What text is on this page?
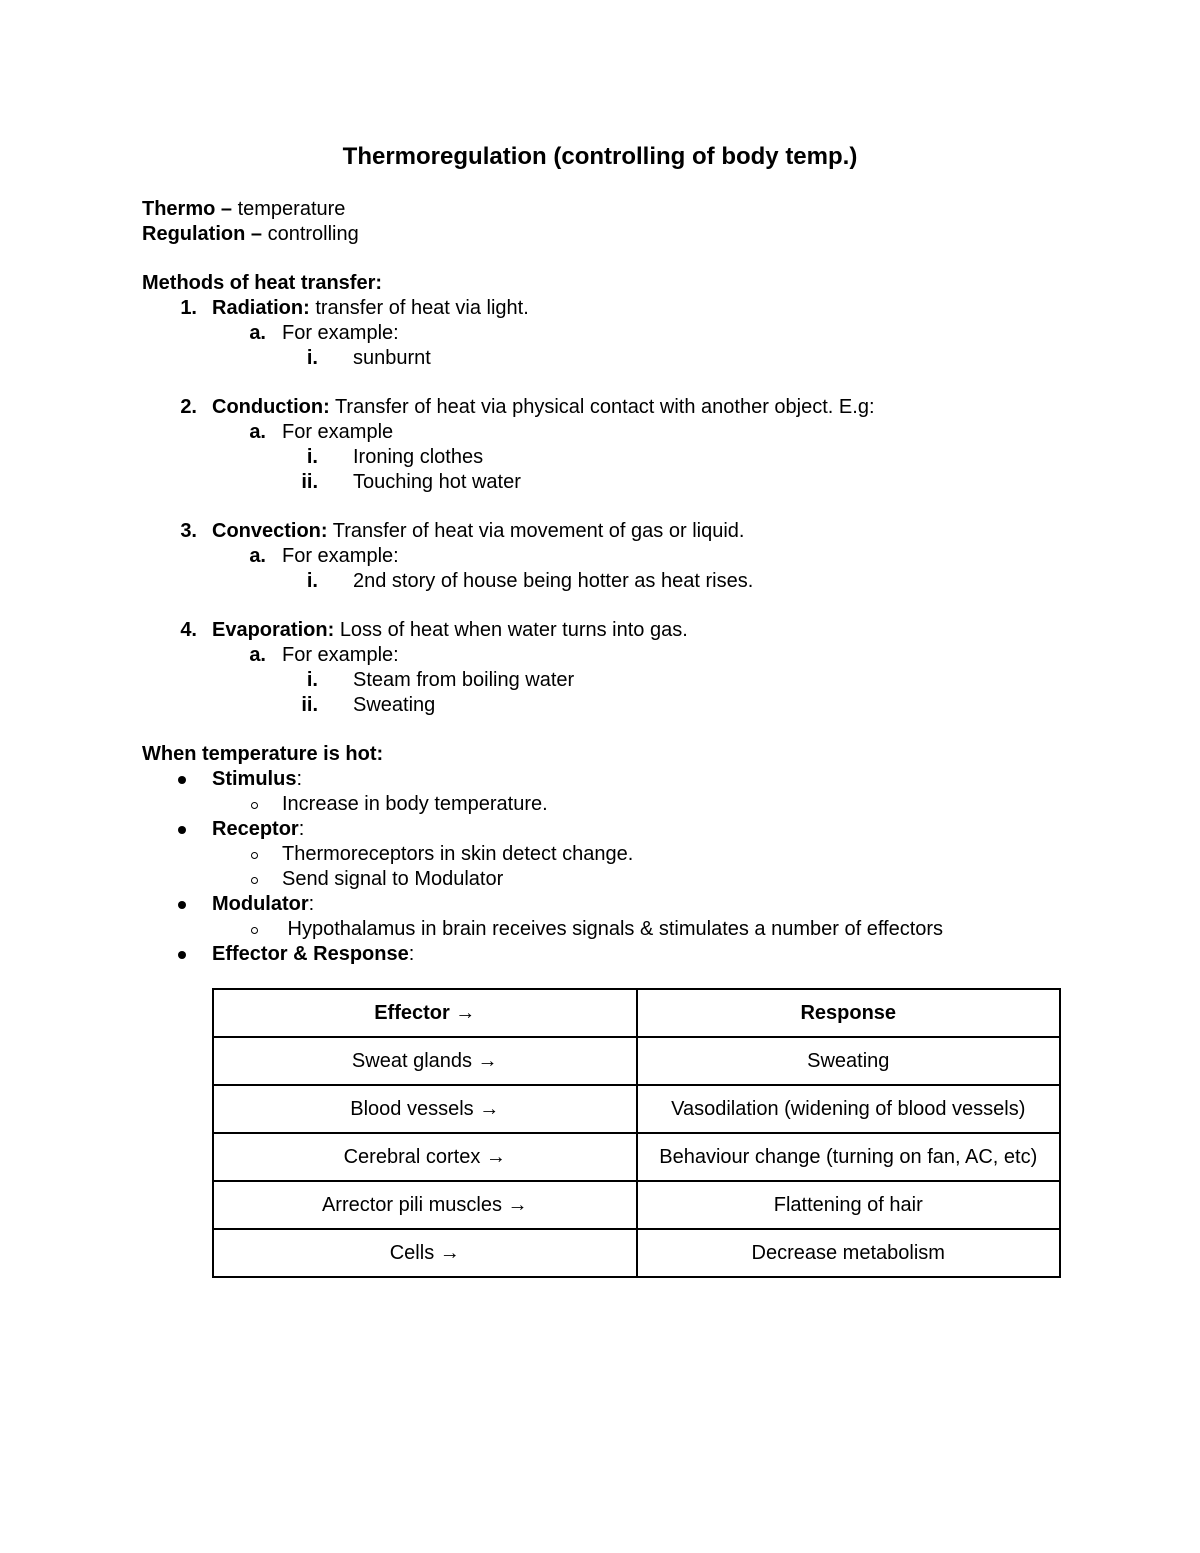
Thermoregulation (controlling of body temp.)
Thermo – temperature
Regulation – controlling
Methods of heat transfer:
1. Radiation: transfer of heat via light.
a. For example:
i. sunburnt
2. Conduction: Transfer of heat via physical contact with another object. E.g:
a. For example
i. Ironing clothes
ii. Touching hot water
3. Convection: Transfer of heat via movement of gas or liquid.
a. For example:
i. 2nd story of house being hotter as heat rises.
4. Evaporation: Loss of heat when water turns into gas.
a. For example:
i. Steam from boiling water
ii. Sweating
When temperature is hot:
Stimulus:
Increase in body temperature.
Receptor:
Thermoreceptors in skin detect change.
Send signal to Modulator
Modulator:
Hypothalamus in brain receives signals & stimulates a number of effectors
Effector & Response:
Effector →	Response
Sweat glands →	Sweating
Blood vessels →	Vasodilation (widening of blood vessels)
Cerebral cortex →	Behaviour change (turning on fan, AC, etc)
Arrector pili muscles →	Flattening of hair
Cells →	Decrease metabolism
